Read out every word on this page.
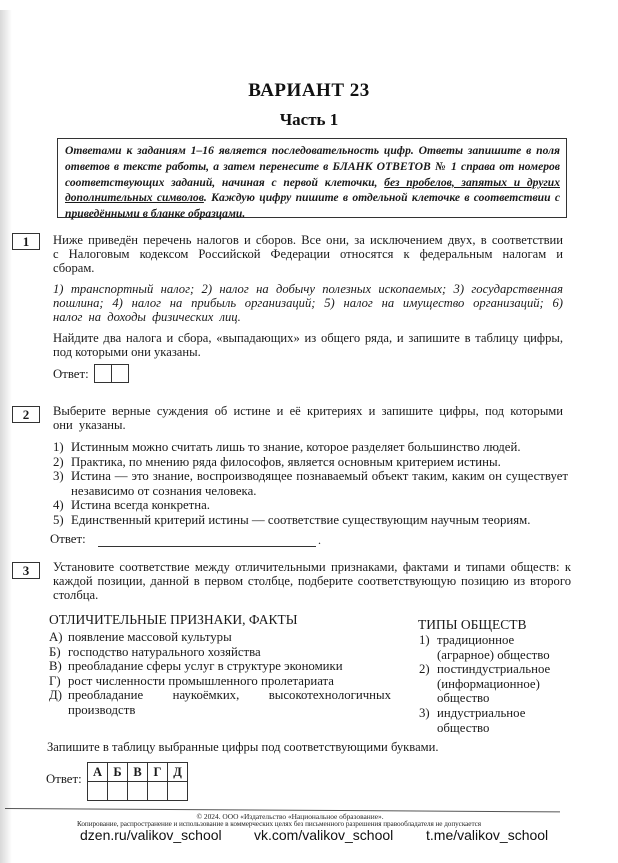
ВАРИАНТ 23
Часть 1
Ответами к заданиям 1–16 является последовательность цифр. Ответы запишите в поля ответов в тексте работы, а затем перенесите в БЛАНК ОТВЕТОВ № 1 справа от номеров соответствующих заданий, начиная с первой клеточки, без пробелов, запятых и других дополнительных символов. Каждую цифру пишите в отдельной клеточке в соответствии с приведёнными в бланке образцами.
1	Ниже приведён перечень налогов и сборов. Все они, за исключением двух, в соответствии с Налоговым кодексом Российской Федерации относятся к федеральным налогам и сборам.
1) транспортный налог; 2) налог на добычу полезных ископаемых; 3) государственная пошлина; 4) налог на прибыль организаций; 5) налог на имущество организаций; 6) налог на доходы физических лиц.
Найдите два налога и сбора, «выпадающих» из общего ряда, и запишите в таблицу цифры, под которыми они указаны.
Ответ:
2	Выберите верные суждения об истине и её критериях и запишите цифры, под которыми они указаны.
1) Истинным можно считать лишь то знание, которое разделяет большинство людей.
2) Практика, по мнению ряда философов, является основным критерием истины.
3) Истина — это знание, воспроизводящее познаваемый объект таким, каким он существует независимо от сознания человека.
4) Истина всегда конкретна.
5) Единственный критерий истины — соответствие существующим научным теориям.
Ответ:	.
3	Установите соответствие между отличительными признаками, фактами и типами обществ: к каждой позиции, данной в первом столбце, подберите соответствующую позицию из второго столбца.
ОТЛИЧИТЕЛЬНЫЕ ПРИЗНАКИ, ФАКТЫ	ТИПЫ ОБЩЕСТВ
А) появление массовой культуры
Б) господство натурального хозяйства
В) преобладание сферы услуг в структуре экономики
Г) рост численности промышленного пролетариата
Д) преобладание наукоёмких, высокотехнологичных производств
1) традиционное (аграрное) общество
2) постиндустриальное (информационное) общество
3) индустриальное общество
Запишите в таблицу выбранные цифры под соответствующими буквами.
Ответ:
А	Б	В	Г	Д

© 2024. ООО «Издательство «Национальное образование».
Копирование, распространение и использование в коммерческих целях без письменного разрешения правообладателя не допускается
dzen.ru/valikov_school vk.com/valikov_school t.me/valikov_school
